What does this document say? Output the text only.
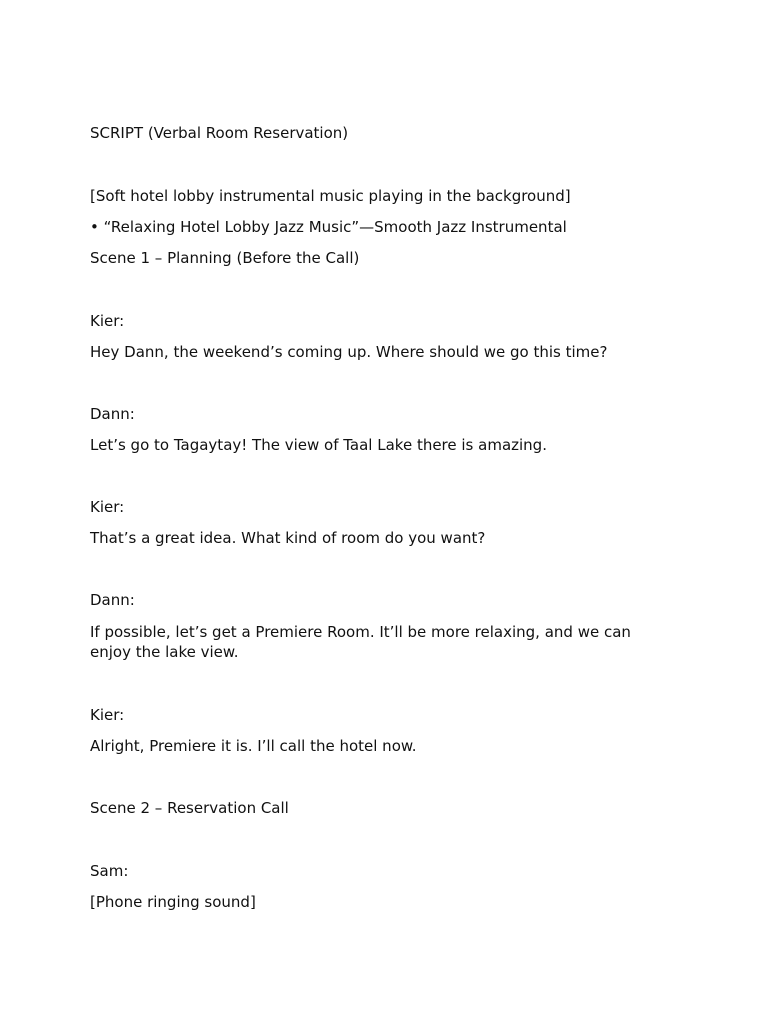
SCRIPT (Verbal Room Reservation)
[Soft hotel lobby instrumental music playing in the background]
• “Relaxing Hotel Lobby Jazz Music”—Smooth Jazz Instrumental
Scene 1 – Planning (Before the Call)
Kier:
Hey Dann, the weekend’s coming up. Where should we go this time?
Dann:
Let’s go to Tagaytay! The view of Taal Lake there is amazing.
Kier:
That’s a great idea. What kind of room do you want?
Dann:
If possible, let’s get a Premiere Room. It’ll be more relaxing, and we can enjoy the lake view.
Kier:
Alright, Premiere it is. I’ll call the hotel now.
Scene 2 – Reservation Call
Sam:
[Phone ringing sound]
